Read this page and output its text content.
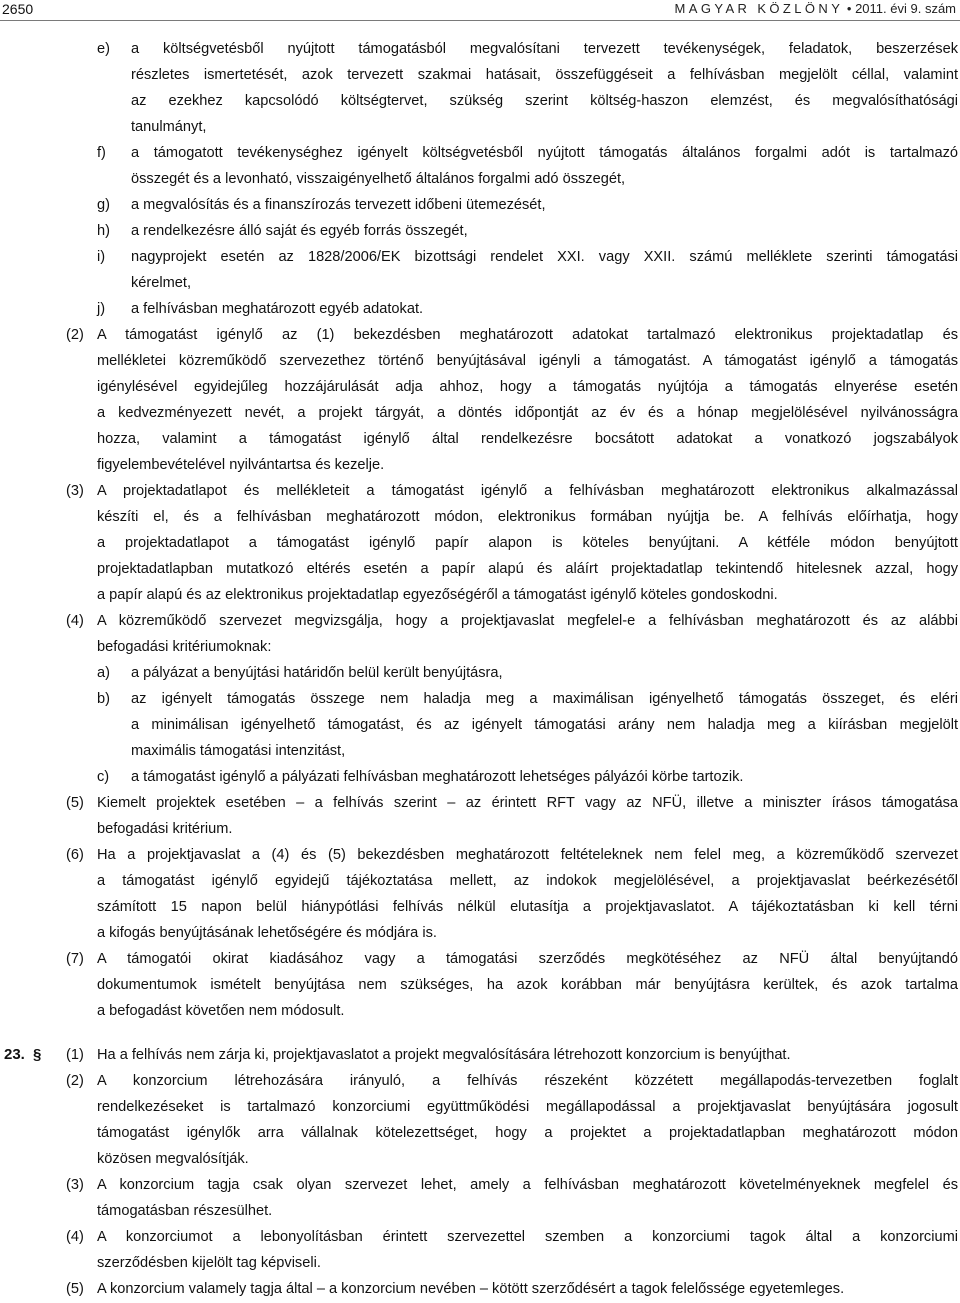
2650	MAGYAR KÖZLÖNY • 2011. évi 9. szám
e) a költségvetésből nyújtott támogatásból megvalósítani tervezett tevékenységek, feladatok, beszerzések
részletes ismertetését, azok tervezett szakmai hatásait, összefüggéseit a felhívásban megjelölt céllal, valamint
az ezekhez kapcsolódó költségtervet, szükség szerint költség-haszon elemzést, és megvalósíthatósági
tanulmányt,
f) a támogatott tevékenységhez igényelt költségvetésből nyújtott támogatás általános forgalmi adót is tartalmazó
összegét és a levonható, visszaigényelhető általános forgalmi adó összegét,
g) a megvalósítás és a finanszírozás tervezett időbeni ütemezését,
h) a rendelkezésre álló saját és egyéb forrás összegét,
i) nagyprojekt esetén az 1828/2006/EK bizottsági rendelet XXI. vagy XXII. számú melléklete szerinti támogatási
kérelmet,
j) a felhívásban meghatározott egyéb adatokat.
(2) A támogatást igénylő az (1) bekezdésben meghatározott adatokat tartalmazó elektronikus projektadatlap és
mellékletei közreműködő szervezethez történő benyújtásával igényli a támogatást. A támogatást igénylő a támogatás
igénylésével egyidejűleg hozzájárulását adja ahhoz, hogy a támogatás nyújtója a támogatás elnyerése esetén
a kedvezményezett nevét, a projekt tárgyát, a döntés időpontját az év és a hónap megjelölésével nyilvánosságra
hozza, valamint a támogatást igénylő által rendelkezésre bocsátott adatokat a vonatkozó jogszabályok
figyelembevételével nyilvántartsa és kezelje.
(3) A projektadatlapot és mellékleteit a támogatást igénylő a felhívásban meghatározott elektronikus alkalmazással
készíti el, és a felhívásban meghatározott módon, elektronikus formában nyújtja be. A felhívás előírhatja, hogy
a projektadatlapot a támogatást igénylő papír alapon is köteles benyújtani. A kétféle módon benyújtott
projektadatlapban mutatkozó eltérés esetén a papír alapú és aláírt projektadatlap tekintendő hitelesnek azzal, hogy
a papír alapú és az elektronikus projektadatlap egyezőségéről a támogatást igénylő köteles gondoskodni.
(4) A közreműködő szervezet megvizsgálja, hogy a projektjavaslat megfelel-e a felhívásban meghatározott és az alábbi
befogadási kritériumoknak:
a) a pályázat a benyújtási határidőn belül került benyújtásra,
b) az igényelt támogatás összege nem haladja meg a maximálisan igényelhető támogatás összeget, és eléri
a minimálisan igényelhető támogatást, és az igényelt támogatási arány nem haladja meg a kiírásban megjelölt
maximális támogatási intenzitást,
c) a támogatást igénylő a pályázati felhívásban meghatározott lehetséges pályázói körbe tartozik.
(5) Kiemelt projektek esetében – a felhívás szerint – az érintett RFT vagy az NFÜ, illetve a miniszter írásos támogatása
befogadási kritérium.
(6) Ha a projektjavaslat a (4) és (5) bekezdésben meghatározott feltételeknek nem felel meg, a közreműködő szervezet
a támogatást igénylő egyidejű tájékoztatása mellett, az indokok megjelölésével, a projektjavaslat beérkezésétől
számított 15 napon belül hiánypótlási felhívás nélkül elutasítja a projektjavaslatot. A tájékoztatásban ki kell térni
a kifogás benyújtásának lehetőségére és módjára is.
(7) A támogatói okirat kiadásához vagy a támogatási szerződés megkötéséhez az NFÜ által benyújtandó
dokumentumok ismételt benyújtása nem szükséges, ha azok korábban már benyújtásra kerültek, és azok tartalma
a befogadást követően nem módosult.
23. § (1) Ha a felhívás nem zárja ki, projektjavaslatot a projekt megvalósítására létrehozott konzorcium is benyújthat.
(2) A konzorcium létrehozására irányuló, a felhívás részeként közzétett megállapodás-tervezetben foglalt
rendelkezéseket is tartalmazó konzorciumi együttműködési megállapodással a projektjavaslat benyújtására jogosult
támogatást igénylők arra vállalnak kötelezettséget, hogy a projektet a projektadatlapban meghatározott módon
közösen megvalósítják.
(3) A konzorcium tagja csak olyan szervezet lehet, amely a felhívásban meghatározott követelményeknek megfelel és
támogatásban részesülhet.
(4) A konzorciumot a lebonyolításban érintett szervezettel szemben a konzorciumi tagok által a konzorciumi
szerződésben kijelölt tag képviseli.
(5) A konzorcium valamely tagja által – a konzorcium nevében – kötött szerződésért a tagok felelőssége egyetemleges.
